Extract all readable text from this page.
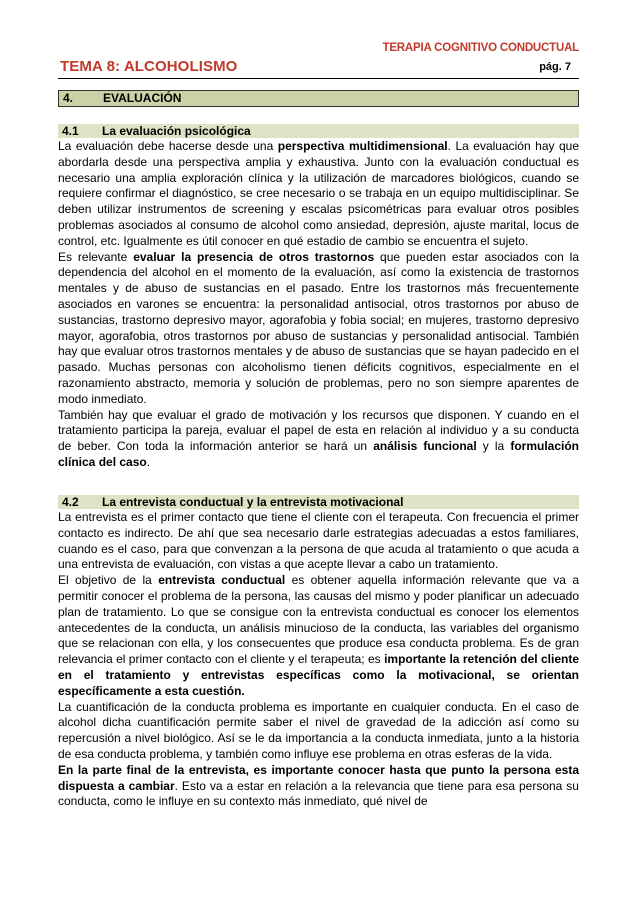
TERAPIA COGNITIVO CONDUCTUAL
TEMA 8: ALCOHOLISMO	pág. 7
4. EVALUACIÓN
4.1 La evaluación psicológica

La evaluación debe hacerse desde una perspectiva multidimensional. La evaluación hay que abordarla desde una perspectiva amplia y exhaustiva. Junto con la evaluación conductual es necesario una amplia exploración clínica y la utilización de marcadores biológicos, cuando se requiere confirmar el diagnóstico, se cree necesario o se trabaja en un equipo multidisciplinar. Se deben utilizar instrumentos de screening y escalas psicométricas para evaluar otros posibles problemas asociados al consumo de alcohol como ansiedad, depresión, ajuste marital, locus de control, etc. Igualmente es útil conocer en qué estadio de cambio se encuentra el sujeto.

Es relevante evaluar la presencia de otros trastornos que pueden estar asociados con la dependencia del alcohol en el momento de la evaluación, así como la existencia de trastornos mentales y de abuso de sustancias en el pasado. Entre los trastornos más frecuentemente asociados en varones se encuentra: la personalidad antisocial, otros trastornos por abuso de sustancias, trastorno depresivo mayor, agorafobia y fobia social; en mujeres, trastorno depresivo mayor, agorafobia, otros trastornos por abuso de sustancias y personalidad antisocial. También hay que evaluar otros trastornos mentales y de abuso de sustancias que se hayan padecido en el pasado. Muchas personas con alcoholismo tienen déficits cognitivos, especialmente en el razonamiento abstracto, memoria y solución de problemas, pero no son siempre aparentes de modo inmediato.

También hay que evaluar el grado de motivación y los recursos que disponen. Y cuando en el tratamiento participa la pareja, evaluar el papel de esta en relación al individuo y a su conducta de beber. Con toda la información anterior se hará un análisis funcional y la formulación clínica del caso.

4.2 La entrevista conductual y la entrevista motivacional

La entrevista es el primer contacto que tiene el cliente con el terapeuta. Con frecuencia el primer contacto es indirecto. De ahí que sea necesario darle estrategias adecuadas a estos familiares, cuando es el caso, para que convenzan a la persona de que acuda al tratamiento o que acuda a una entrevista de evaluación, con vistas a que acepte llevar a cabo un tratamiento.

El objetivo de la entrevista conductual es obtener aquella información relevante que va a permitir conocer el problema de la persona, las causas del mismo y poder planificar un adecuado plan de tratamiento. Lo que se consigue con la entrevista conductual es conocer los elementos antecedentes de la conducta, un análisis minucioso de la conducta, las variables del organismo que se relacionan con ella, y los consecuentes que produce esa conducta problema. Es de gran relevancia el primer contacto con el cliente y el terapeuta; es importante la retención del cliente en el tratamiento y entrevistas específicas como la motivacional, se orientan específicamente a esta cuestión.

La cuantificación de la conducta problema es importante en cualquier conducta. En el caso de alcohol dicha cuantificación permite saber el nivel de gravedad de la adicción así como su repercusión a nivel biológico. Así se le da importancia a la conducta inmediata, junto a la historia de esa conducta problema, y también como influye ese problema en otras esferas de la vida.

En la parte final de la entrevista, es importante conocer hasta que punto la persona esta dispuesta a cambiar. Esto va a estar en relación a la relevancia que tiene para esa persona su conducta, como le influye en su contexto más inmediato, qué nivel de
